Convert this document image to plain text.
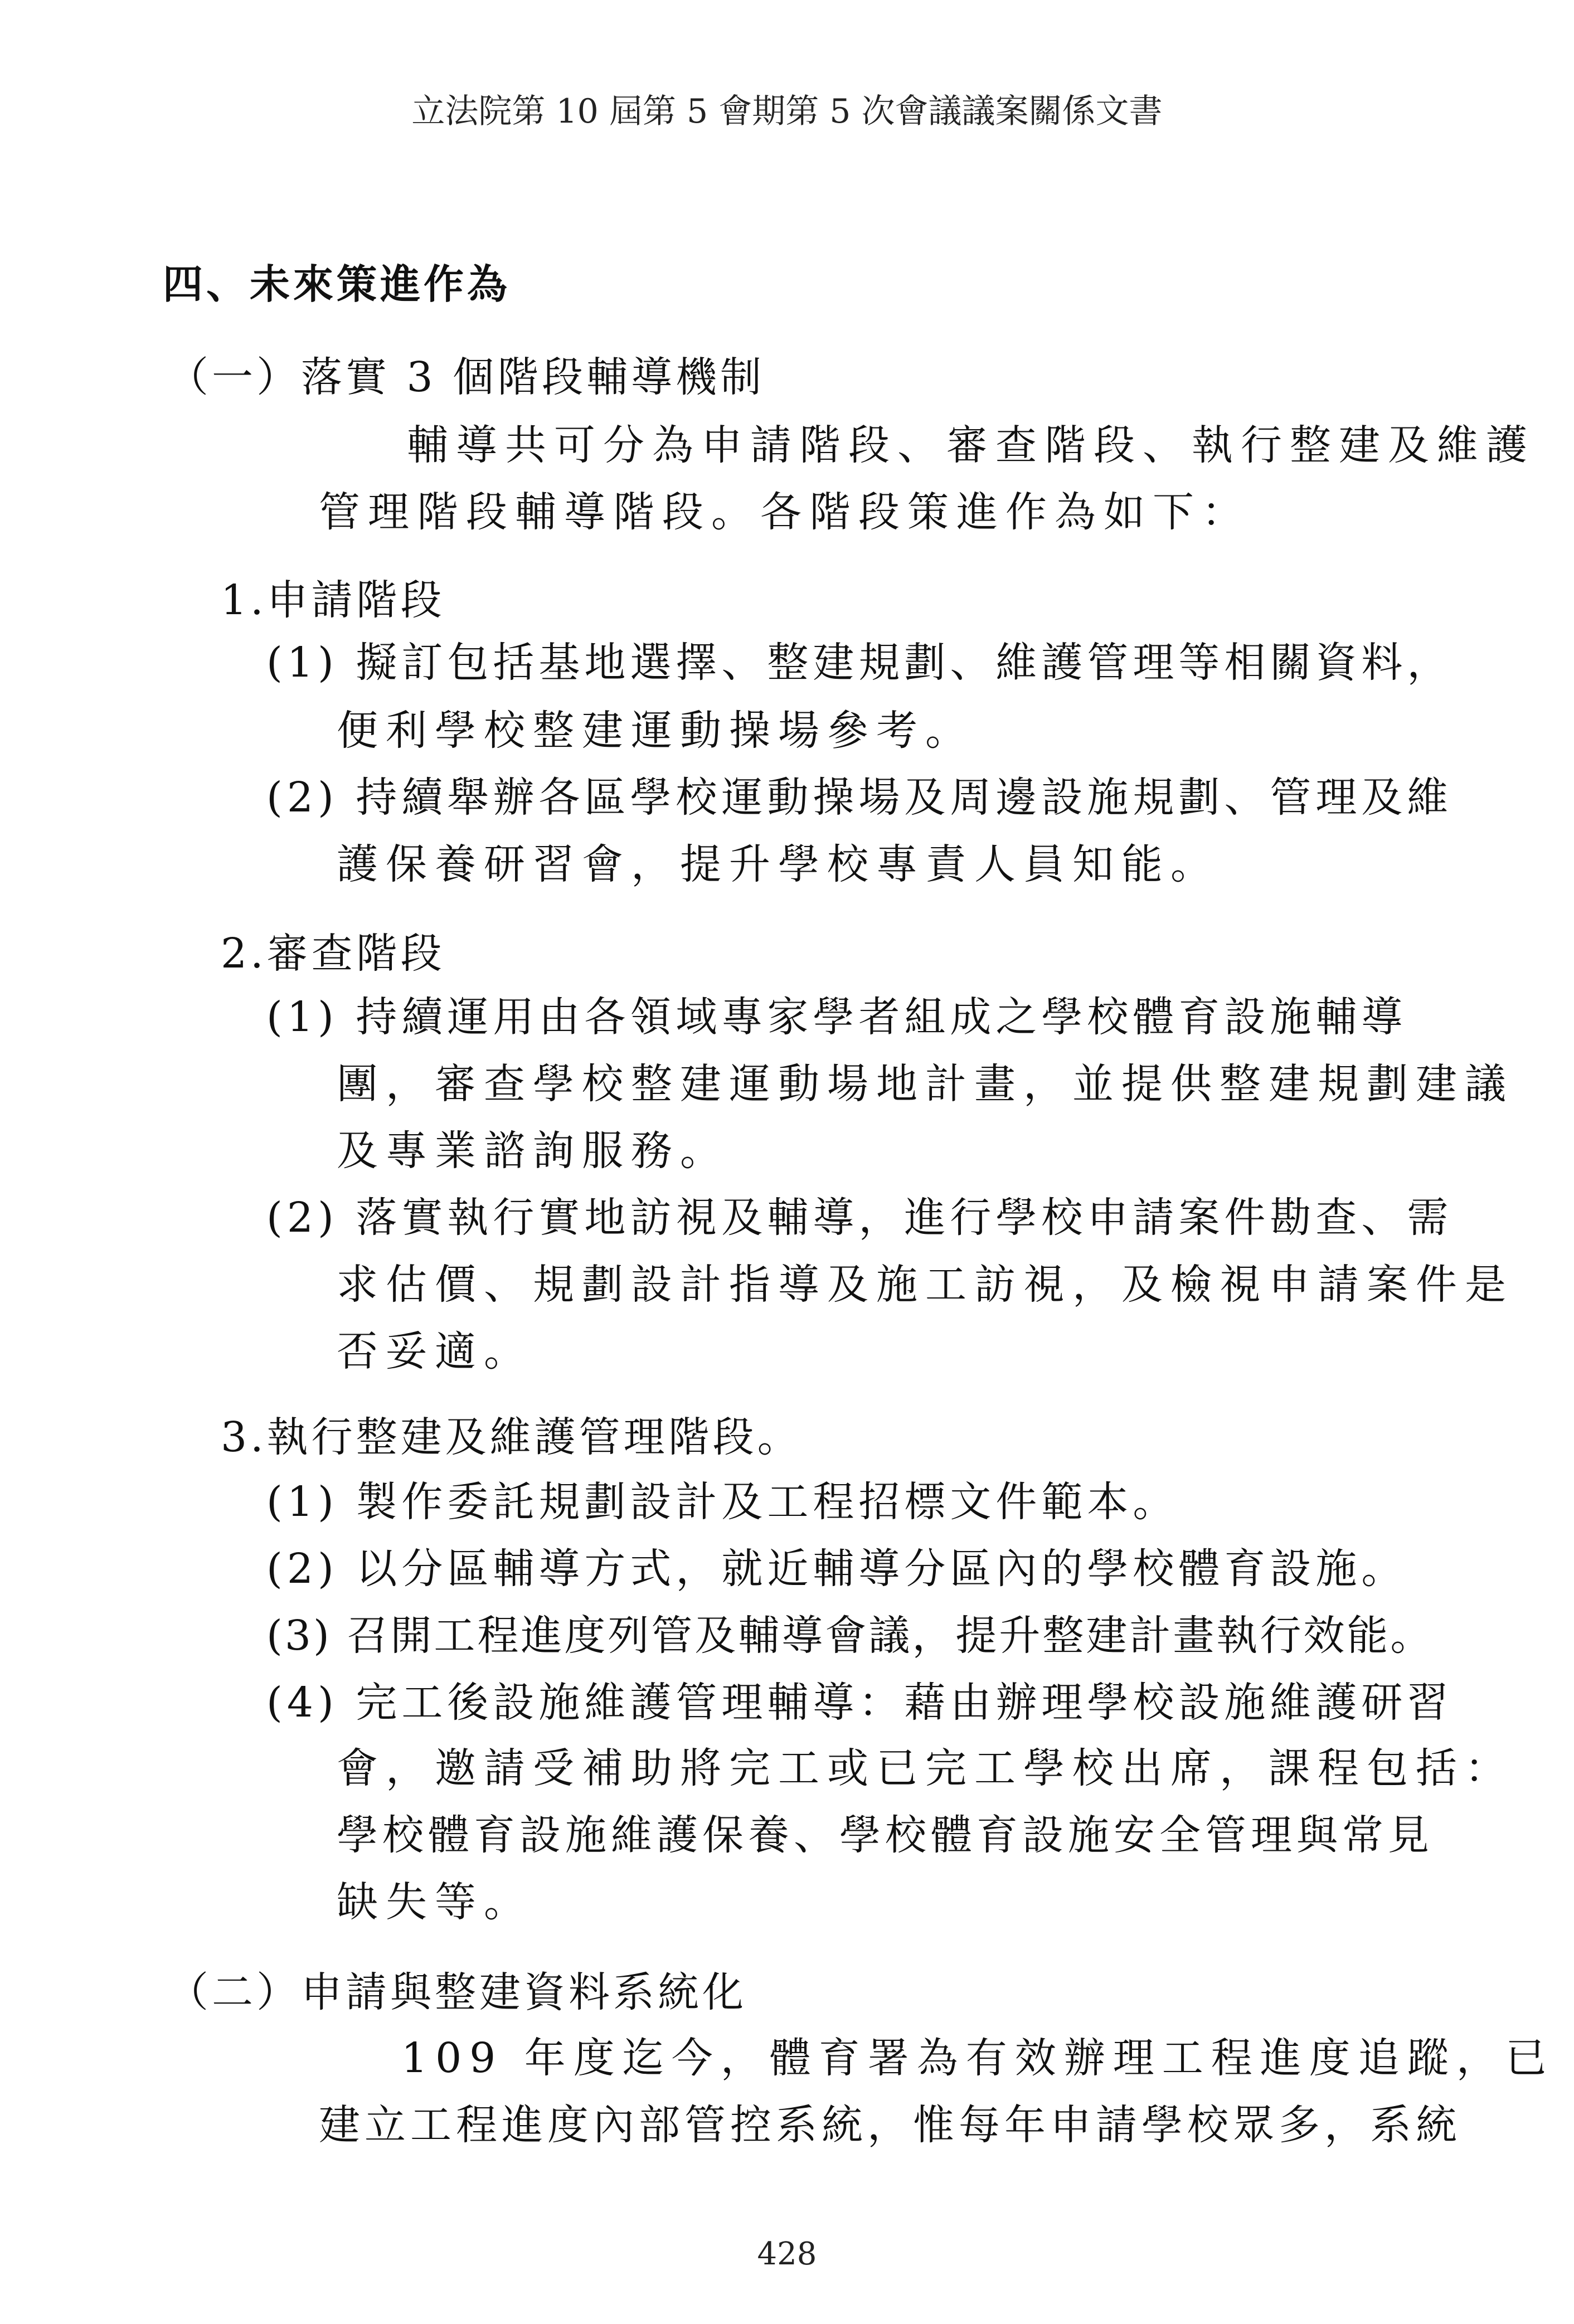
立法院第 10 屆第 5 會期第 5 次會議議案關係文書
四、未來策進作為
（一）落實 3 個階段輔導機制
輔導共可分為申請階段、審查階段、執行整建及維護
管理階段輔導階段。各階段策進作為如下：
1.申請階段
(1) 擬訂包括基地選擇、整建規劃、維護管理等相關資料，
便利學校整建運動操場參考。
(2) 持續舉辦各區學校運動操場及周邊設施規劃、管理及維
護保養研習會，提升學校專責人員知能。
2.審查階段
(1) 持續運用由各領域專家學者組成之學校體育設施輔導
團，審查學校整建運動場地計畫，並提供整建規劃建議
及專業諮詢服務。
(2) 落實執行實地訪視及輔導，進行學校申請案件勘查、需
求估價、規劃設計指導及施工訪視，及檢視申請案件是
否妥適。
3.執行整建及維護管理階段。
(1) 製作委託規劃設計及工程招標文件範本。
(2) 以分區輔導方式，就近輔導分區內的學校體育設施。
(3) 召開工程進度列管及輔導會議，提升整建計畫執行效能。
(4) 完工後設施維護管理輔導：藉由辦理學校設施維護研習
會，邀請受補助將完工或已完工學校出席，課程包括：
學校體育設施維護保養、學校體育設施安全管理與常見
缺失等。
（二）申請與整建資料系統化
109 年度迄今，體育署為有效辦理工程進度追蹤，已
建立工程進度內部管控系統，惟每年申請學校眾多，系統
428
